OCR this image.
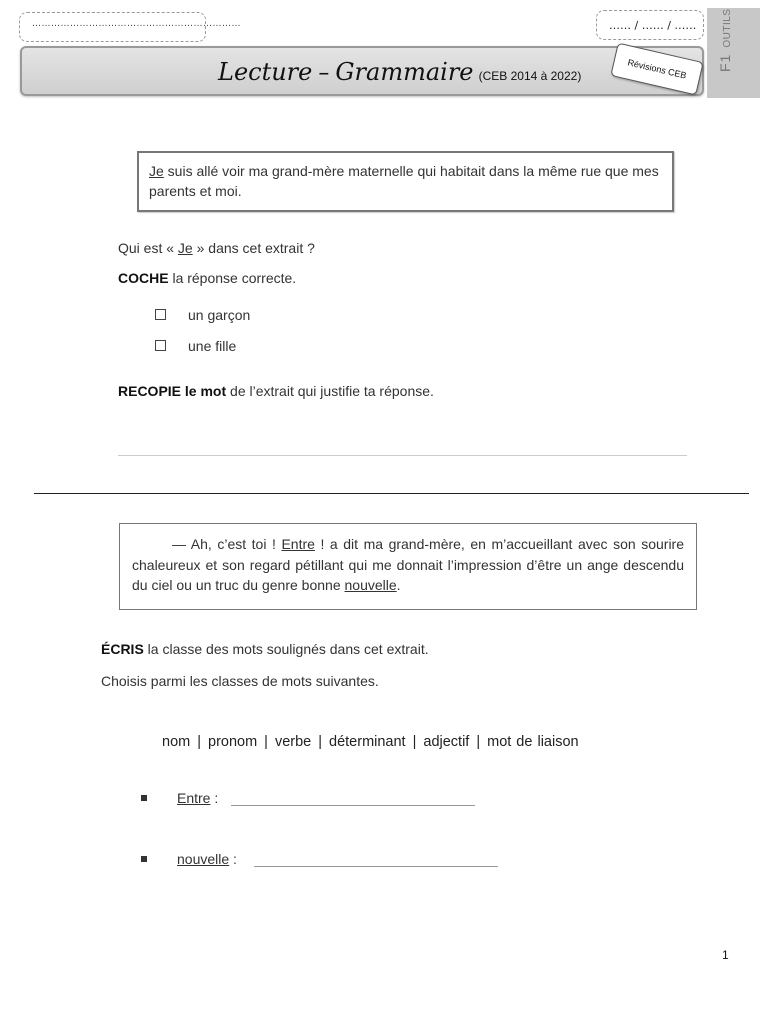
…………………………………………………………	…… / …… / ……
Lecture – Grammaire (CEB 2014 à 2022)	Révisions CEB	F1OUTILS
Je suis allé voir ma grand-mère maternelle qui habitait dans la même rue que mes parents et moi.
Qui est « Je » dans cet extrait ?
COCHE la réponse correcte.
un garçon
une fille
RECOPIE le mot de l’extrait qui justifie ta réponse.
— Ah, c’est toi ! Entre ! a dit ma grand-mère, en m’accueillant avec son sourire chaleureux et son regard pétillant qui me donnait l’impression d’être un ange descendu du ciel ou un truc du genre bonne nouvelle.
ÉCRIS la classe des mots soulignés dans cet extrait.
Choisis parmi les classes de mots suivantes.
nom | pronom | verbe | déterminant | adjectif | mot de liaison
Entre :
nouvelle :
1
